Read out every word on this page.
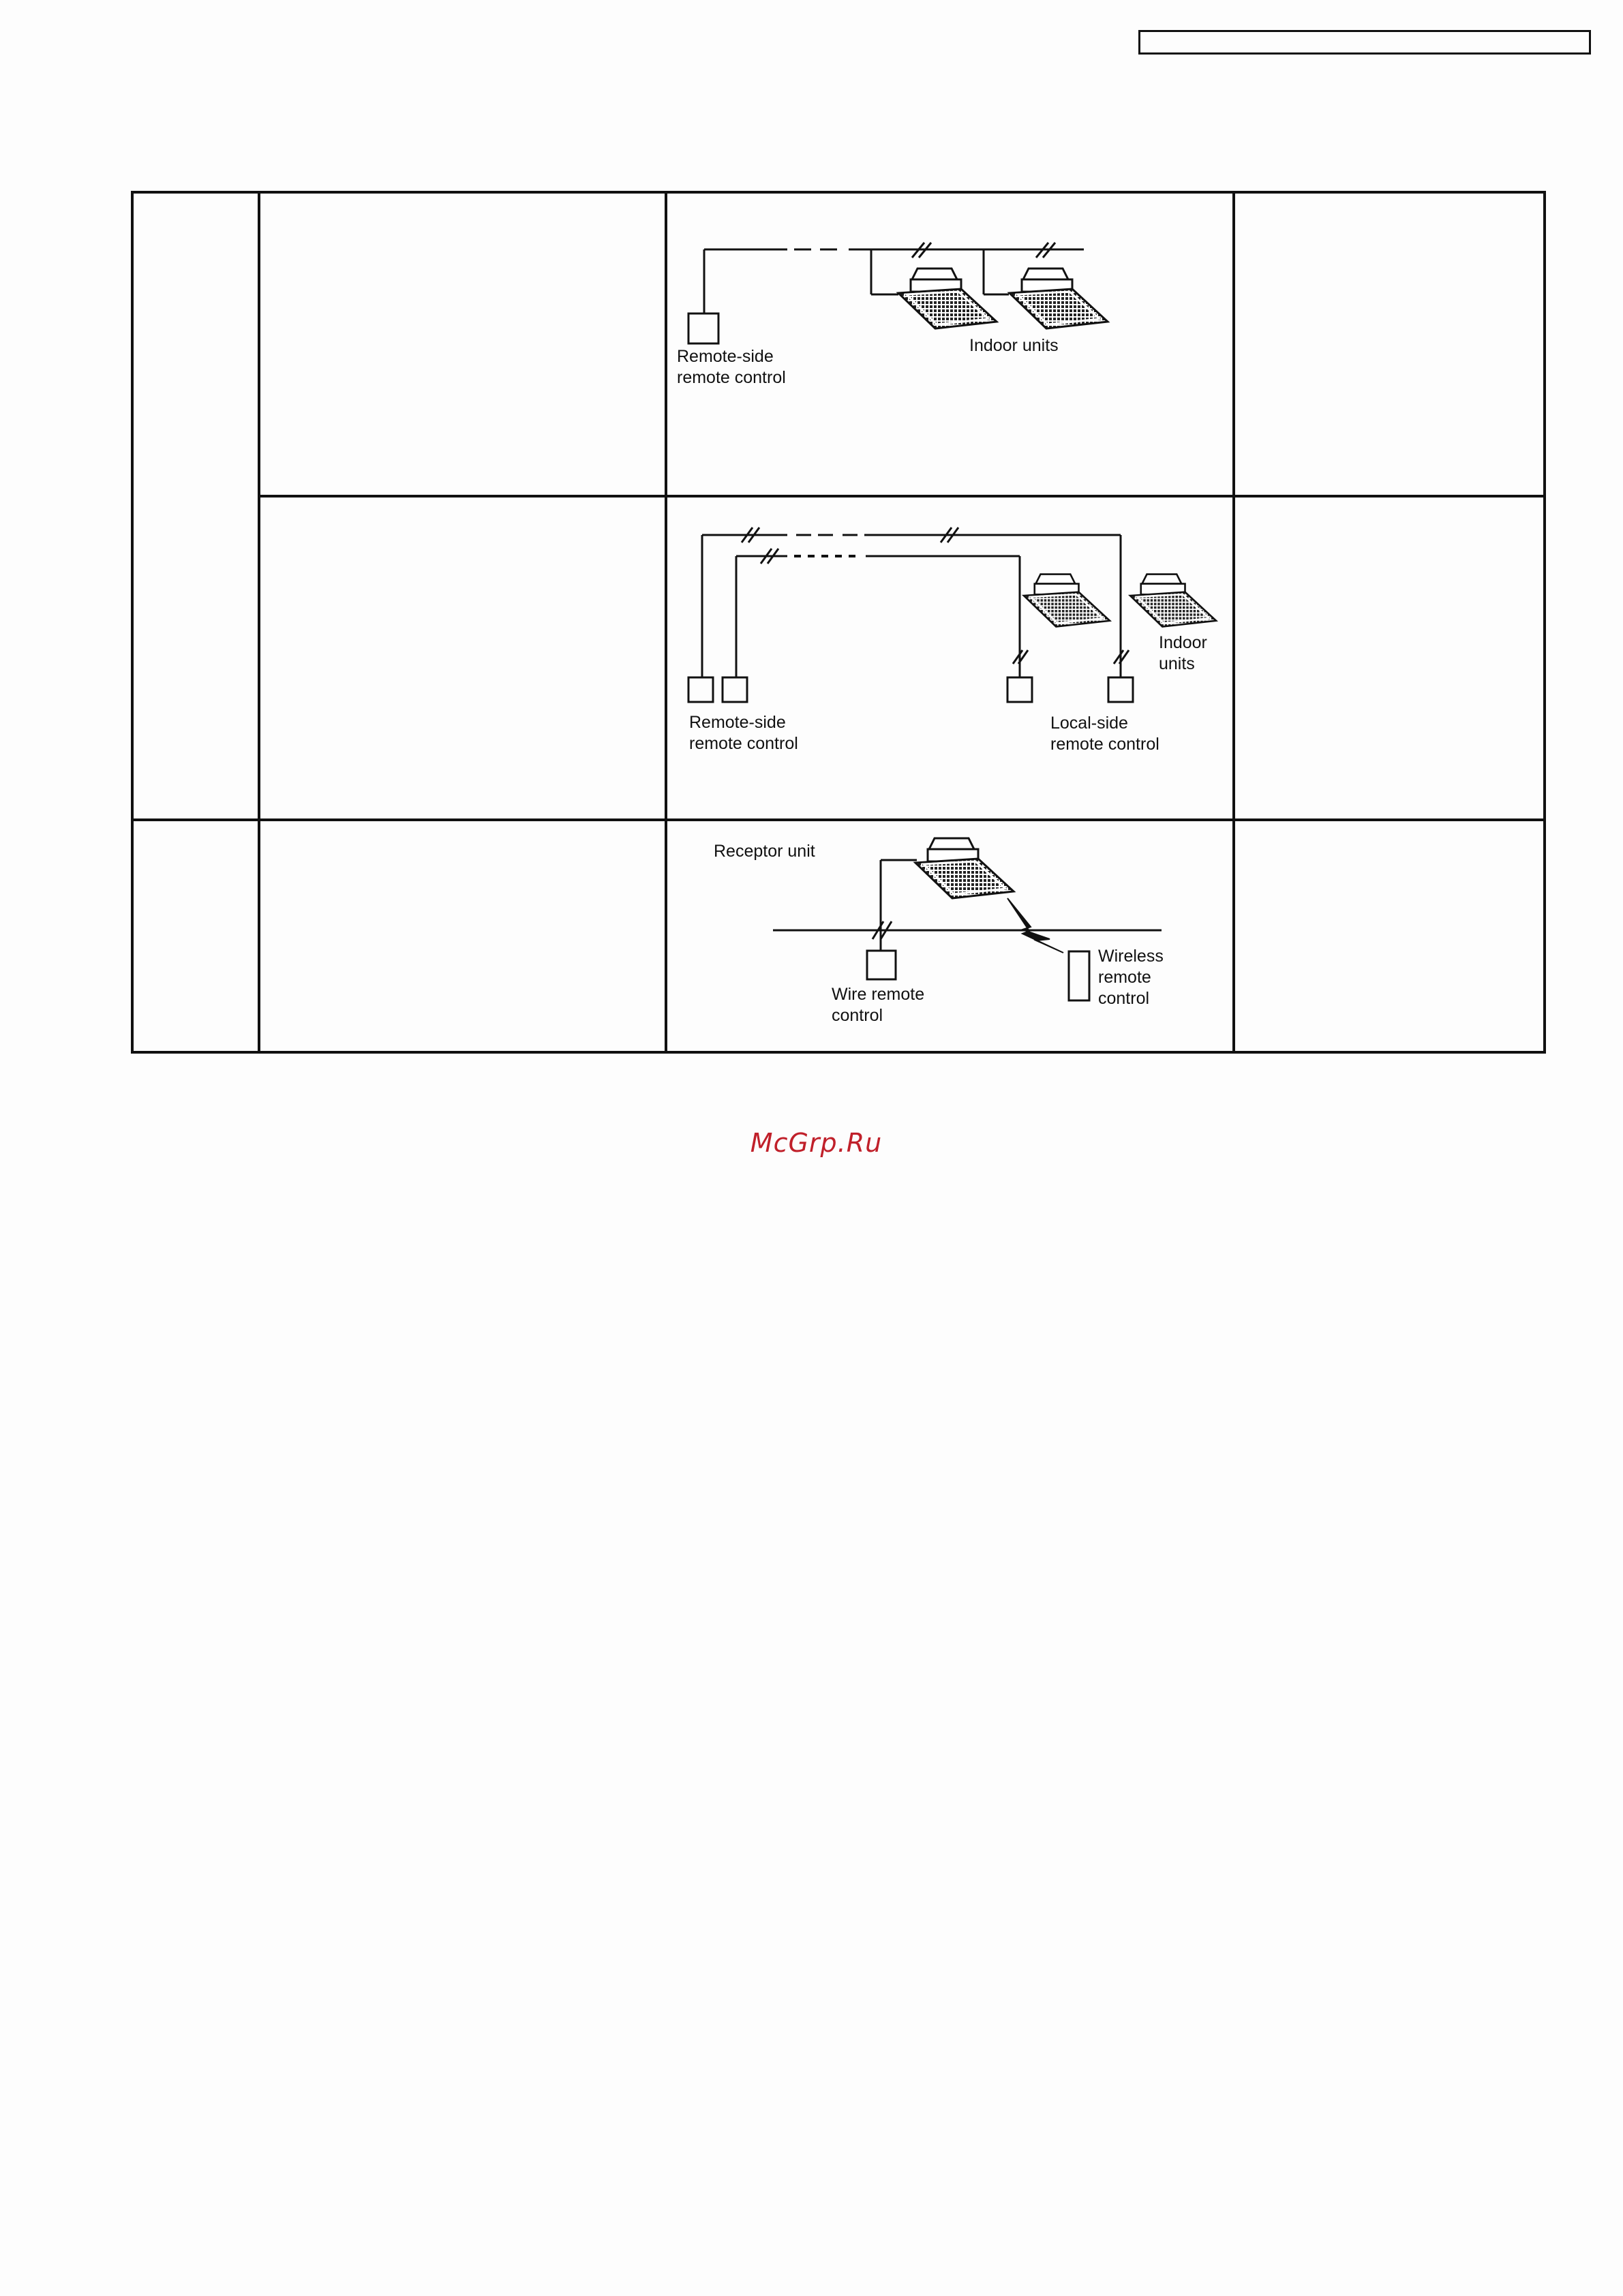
Remote-side
remote control
Indoor units
Indoor
units
Remote-side
remote control
Local-side
remote control
Receptor unit
Wire remote
control
Wireless
remote
control
McGrp.Ru
